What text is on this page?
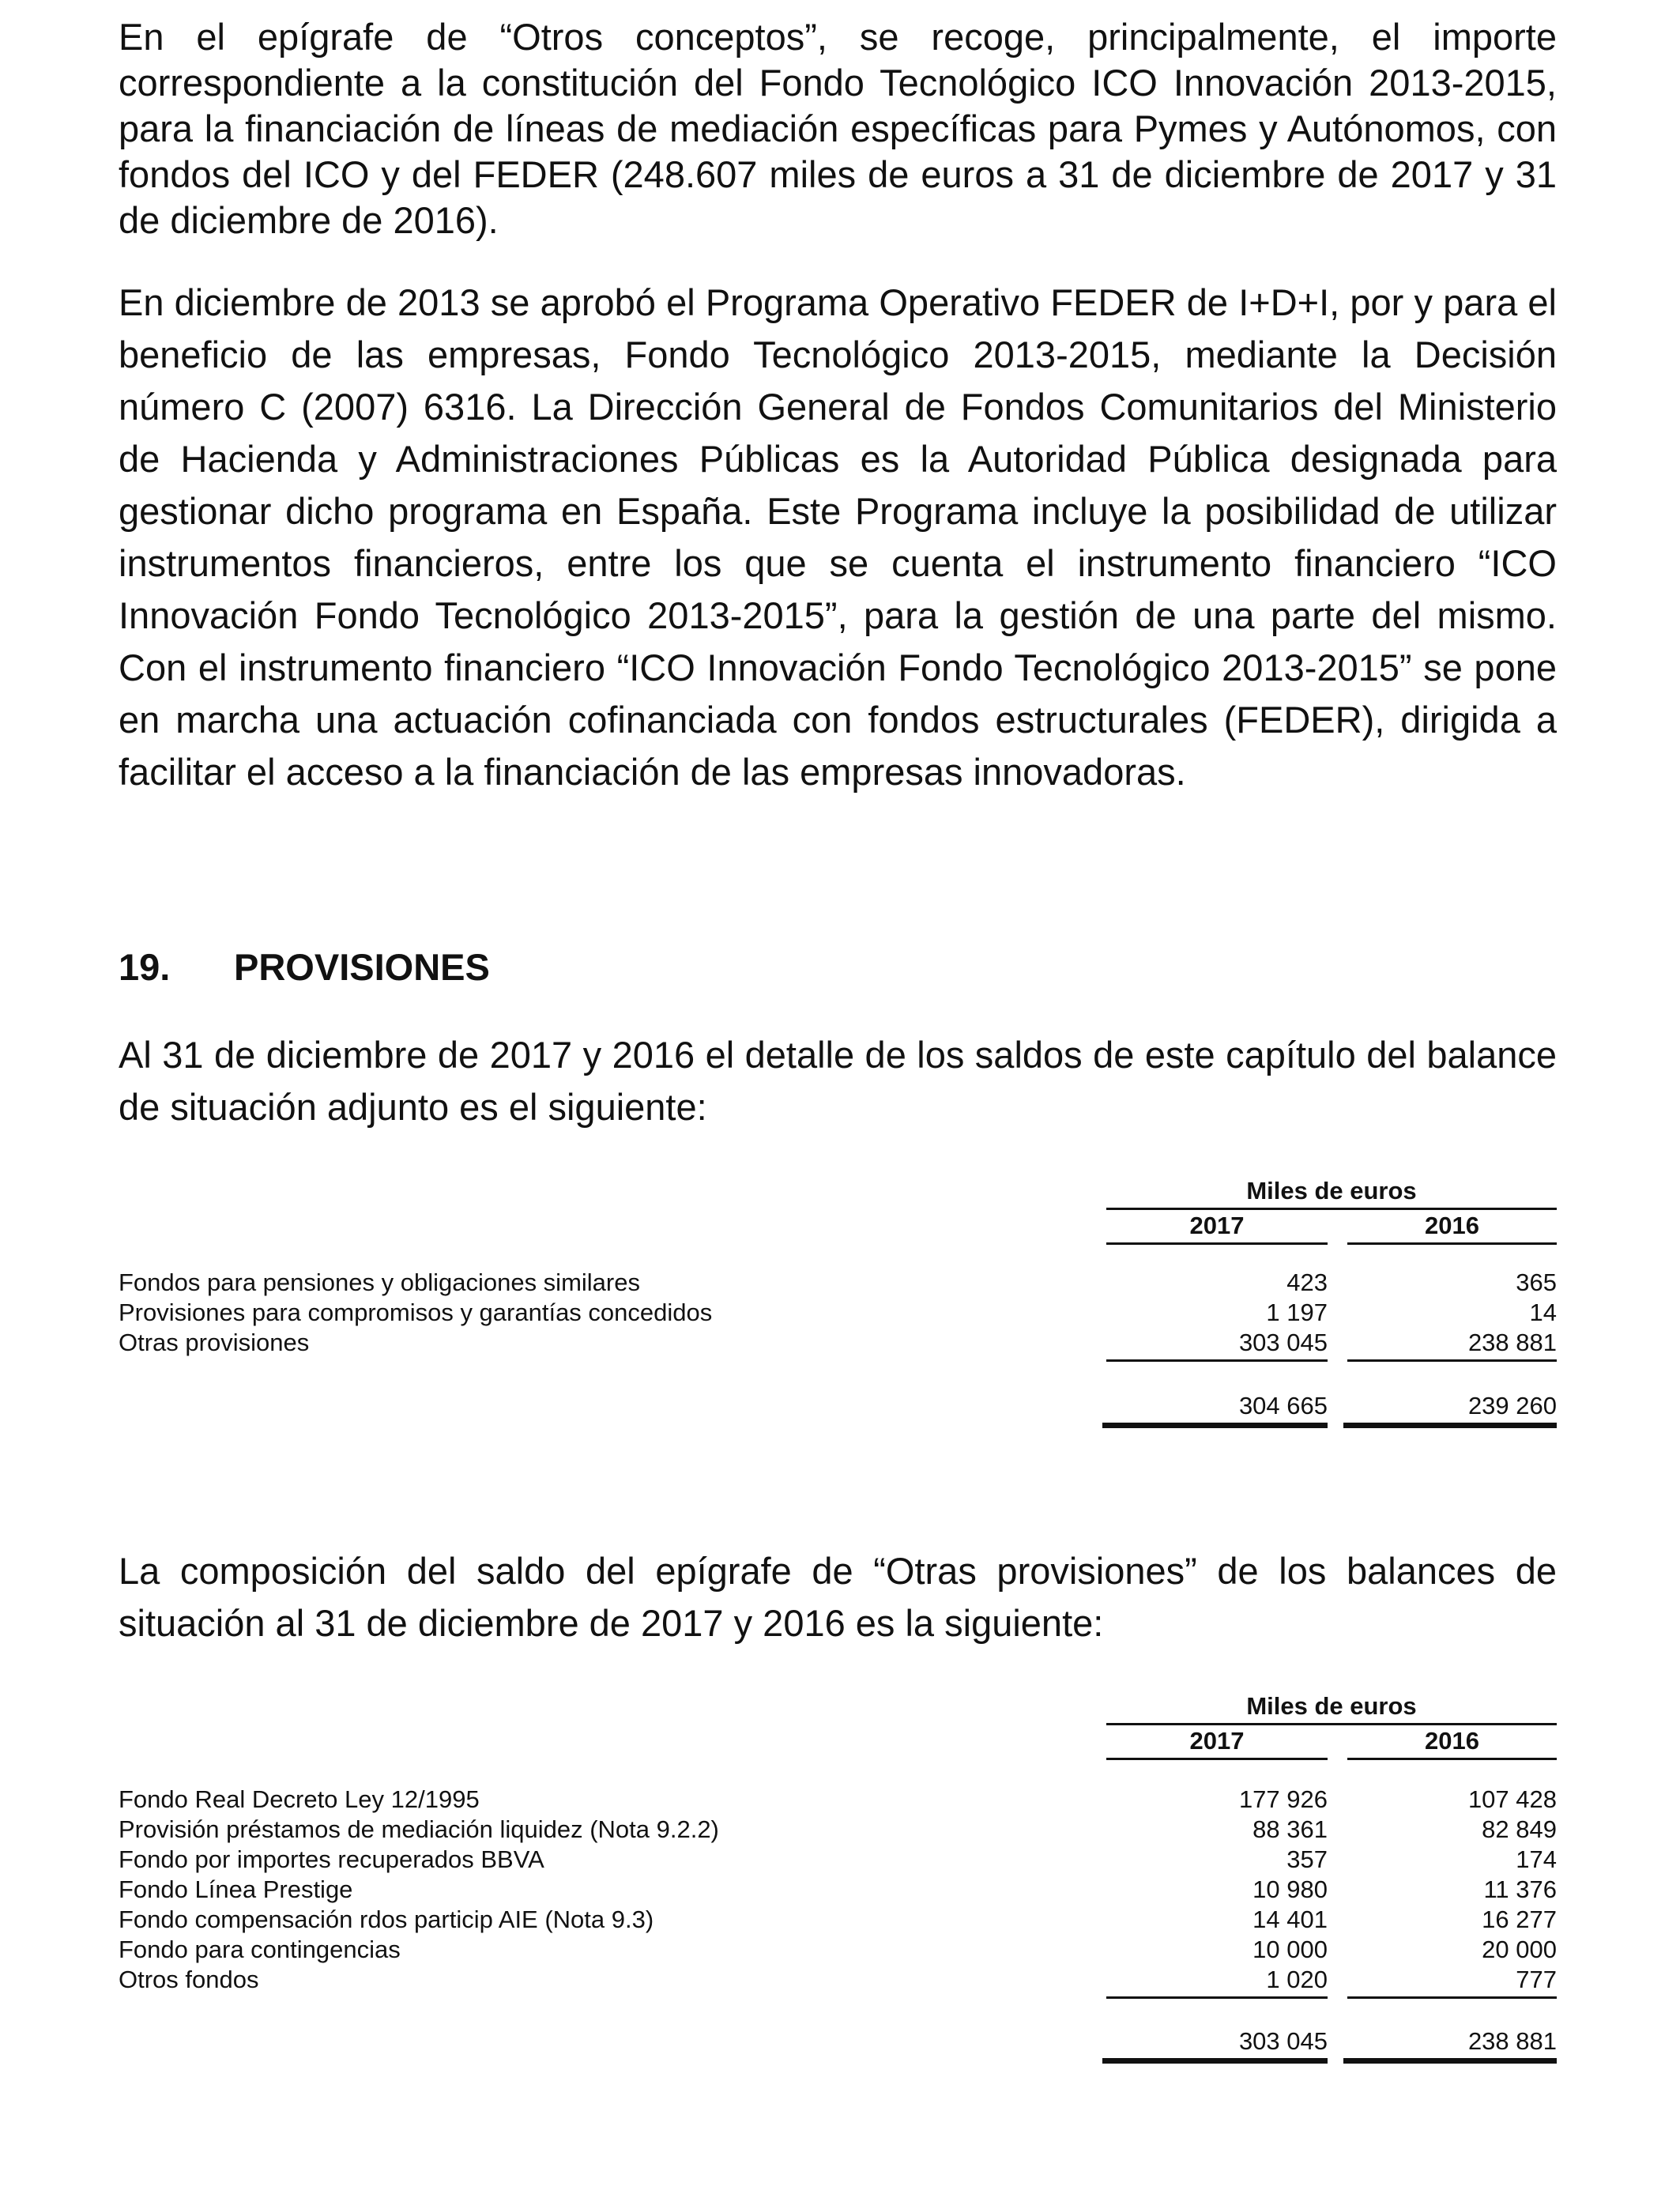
En el epígrafe de “Otros conceptos”, se recoge, principalmente, el importe correspondiente a la constitución del Fondo Tecnológico ICO Innovación 2013-2015, para la financiación de líneas de mediación específicas para Pymes y Autónomos, con fondos del ICO y del FEDER (248.607 miles de euros a 31 de diciembre de 2017 y 31 de diciembre de 2016).

En diciembre de 2013 se aprobó el Programa Operativo FEDER de I+D+I, por y para el beneficio de las empresas, Fondo Tecnológico 2013-2015, mediante la Decisión número C (2007) 6316. La Dirección General de Fondos Comunitarios del Ministerio de Hacienda y Administraciones Públicas es la Autoridad Pública designada para gestionar dicho programa en España. Este Programa incluye la posibilidad de utilizar instrumentos financieros, entre los que se cuenta el instrumento financiero “ICO Innovación Fondo Tecnológico 2013-2015”, para la gestión de una parte del mismo. Con el instrumento financiero “ICO Innovación Fondo Tecnológico 2013-2015” se pone en marcha una actuación cofinanciada con fondos estructurales (FEDER), dirigida a facilitar el acceso a la financiación de las empresas innovadoras.

19. PROVISIONES

Al 31 de diciembre de 2017 y 2016 el detalle de los saldos de este capítulo del balance de situación adjunto es el siguiente:

Miles de euros
2017	2016
Fondos para pensiones y obligaciones similares	423	365
Provisiones para compromisos y garantías concedidos	1 197	14
Otras provisiones	303 045	238 881
304 665	239 260

La composición del saldo del epígrafe de “Otras provisiones” de los balances de situación al 31 de diciembre de 2017 y 2016 es la siguiente:

Miles de euros
2017	2016
Fondo Real Decreto Ley 12/1995	177 926	107 428
Provisión préstamos de mediación liquidez (Nota 9.2.2)	88 361	82 849
Fondo por importes recuperados BBVA	357	174
Fondo Línea Prestige	10 980	11 376
Fondo compensación rdos particip AIE (Nota 9.3)	14 401	16 277
Fondo para contingencias	10 000	20 000
Otros fondos	1 020	777
303 045	238 881
